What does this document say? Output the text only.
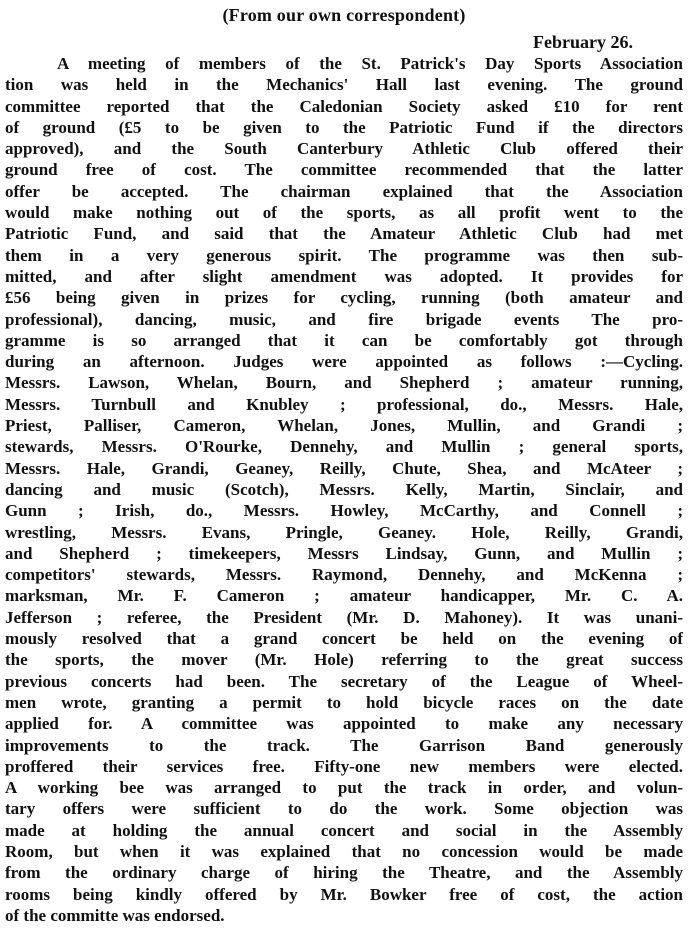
(From our own correspondent)
February 26.
A meeting of members of the St. Patrick's Day Sports Association
tion was held in the Mechanics' Hall last evening. The ground
committee reported that the Caledonian Society asked £10 for rent
of ground (£5 to be given to the Patriotic Fund if the directors
approved), and the South Canterbury Athletic Club offered their
ground free of cost. The committee recommended that the latter
offer be accepted. The chairman explained that the Association
would make nothing out of the sports, as all profit went to the
Patriotic Fund, and said that the Amateur Athletic Club had met
them in a very generous spirit. The programme was then sub-
mitted, and after slight amendment was adopted. It provides for
£56 being given in prizes for cycling, running (both amateur and
professional), dancing, music, and fire brigade events The pro-
gramme is so arranged that it can be comfortably got through
during an afternoon. Judges were appointed as follows :—Cycling.
Messrs. Lawson, Whelan, Bourn, and Shepherd ; amateur running,
Messrs. Turnbull and Knubley ; professional, do., Messrs. Hale,
Priest, Palliser, Cameron, Whelan, Jones, Mullin, and Grandi ;
stewards, Messrs. O'Rourke, Dennehy, and Mullin ; general sports,
Messrs. Hale, Grandi, Geaney, Reilly, Chute, Shea, and McAteer ;
dancing and music (Scotch), Messrs. Kelly, Martin, Sinclair, and
Gunn ; Irish, do., Messrs. Howley, McCarthy, and Connell ;
wrestling, Messrs. Evans, Pringle, Geaney. Hole, Reilly, Grandi,
and Shepherd ; timekeepers, Messrs Lindsay, Gunn, and Mullin ;
competitors' stewards, Messrs. Raymond, Dennehy, and McKenna ;
marksman, Mr. F. Cameron ; amateur handicapper, Mr. C. A.
Jefferson ; referee, the President (Mr. D. Mahoney). It was unani-
mously resolved that a grand concert be held on the evening of
the sports, the mover (Mr. Hole) referring to the great success
previous concerts had been. The secretary of the League of Wheel-
men wrote, granting a permit to hold bicycle races on the date
applied for. A committee was appointed to make any necessary
improvements to the track. The Garrison Band generously
proffered their services free. Fifty-one new members were elected.
A working bee was arranged to put the track in order, and volun-
tary offers were sufficient to do the work. Some objection was
made at holding the annual concert and social in the Assembly
Room, but when it was explained that no concession would be made
from the ordinary charge of hiring the Theatre, and the Assembly
rooms being kindly offered by Mr. Bowker free of cost, the action
of the committe was endorsed.
